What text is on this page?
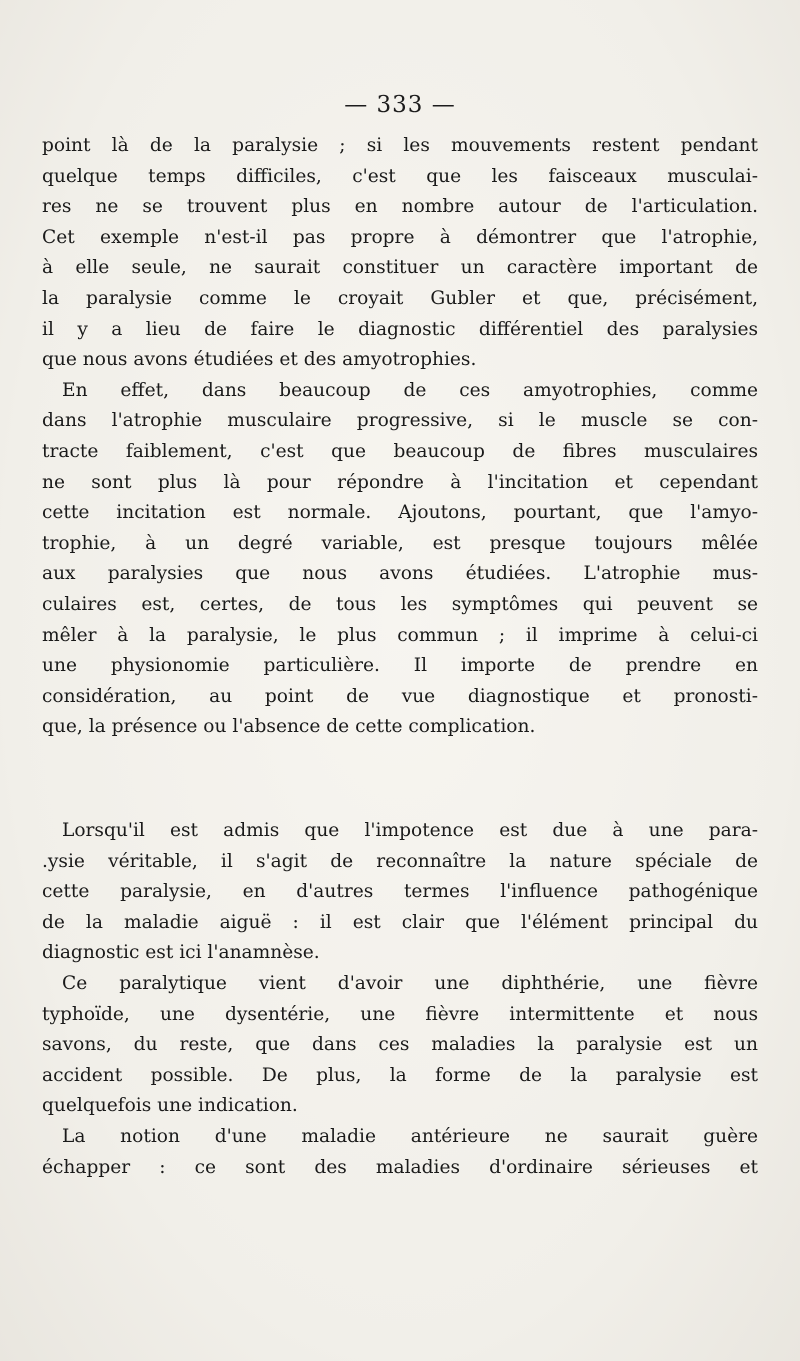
— 333 —
point là de la paralysie ; si les mouvements restent pendant
quelque temps difficiles, c'est que les faisceaux musculai-
res ne se trouvent plus en nombre autour de l'articulation.
Cet exemple n'est-il pas propre à démontrer que l'atrophie,
à elle seule, ne saurait constituer un caractère important de
la paralysie comme le croyait Gubler et que, précisément,
il y a lieu de faire le diagnostic différentiel des paralysies
que nous avons étudiées et des amyotrophies.
En effet, dans beaucoup de ces amyotrophies, comme
dans l'atrophie musculaire progressive, si le muscle se con-
tracte faiblement, c'est que beaucoup de fibres musculaires
ne sont plus là pour répondre à l'incitation et cependant
cette incitation est normale. Ajoutons, pourtant, que l'amyo-
trophie, à un degré variable, est presque toujours mêlée
aux paralysies que nous avons étudiées. L'atrophie mus-
culaires est, certes, de tous les symptômes qui peuvent se
mêler à la paralysie, le plus commun ; il imprime à celui-ci
une physionomie particulière. Il importe de prendre en
considération, au point de vue diagnostique et pronosti-
que, la présence ou l'absence de cette complication.
Lorsqu'il est admis que l'impotence est due à une para-
.ysie véritable, il s'agit de reconnaître la nature spéciale de
cette paralysie, en d'autres termes l'influence pathogénique
de la maladie aiguë : il est clair que l'élément principal du
diagnostic est ici l'anamnèse.
Ce paralytique vient d'avoir une diphthérie, une fièvre
typhoïde, une dysentérie, une fièvre intermittente et nous
savons, du reste, que dans ces maladies la paralysie est un
accident possible. De plus, la forme de la paralysie est
quelquefois une indication.
La notion d'une maladie antérieure ne saurait guère
échapper : ce sont des maladies d'ordinaire sérieuses et
